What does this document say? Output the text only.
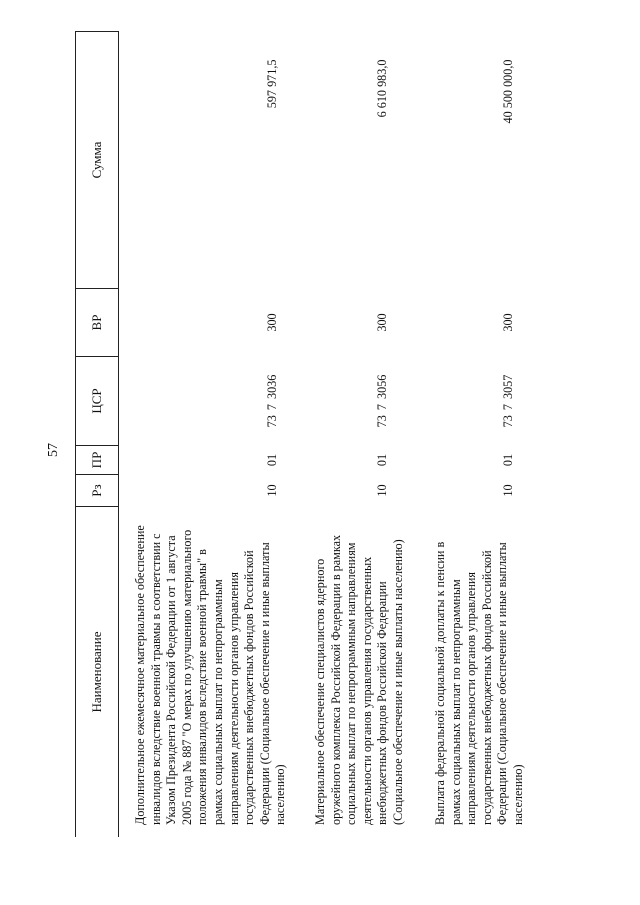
57
Наименование	Рз	ПР	ЦСР	ВР	Сумма
Дополнительное ежемесячное материальное обеспечение инвалидов вследствие военной травмы в соответствии с Указом Президента Российской Федерации от 1 августа 2005 года № 887 "О мерах по улучшению материального положения инвалидов вследствие военной травмы" в рамках социальных выплат по непрограммным направлениям деятельности органов управления государственных внебюджетных фондов Российской Федерации (Социальное обеспечение и иные выплаты населению)	10	01	73 7 3036	300	597 971,5
Материальное обеспечение специалистов ядерного оружейного комплекса Российской Федерации в рамках социальных выплат по непрограммным направлениям деятельности органов управления государственных внебюджетных фондов Российской Федерации (Социальное обеспечение и иные выплаты населению)	10	01	73 7 3056	300	6 610 983,0
Выплата федеральной социальной доплаты к пенсии в рамках социальных выплат по непрограммным направлениям деятельности органов управления государственных внебюджетных фондов Российской Федерации (Социальное обеспечение и иные выплаты населению)	10	01	73 7 3057	300	40 500 000,0
